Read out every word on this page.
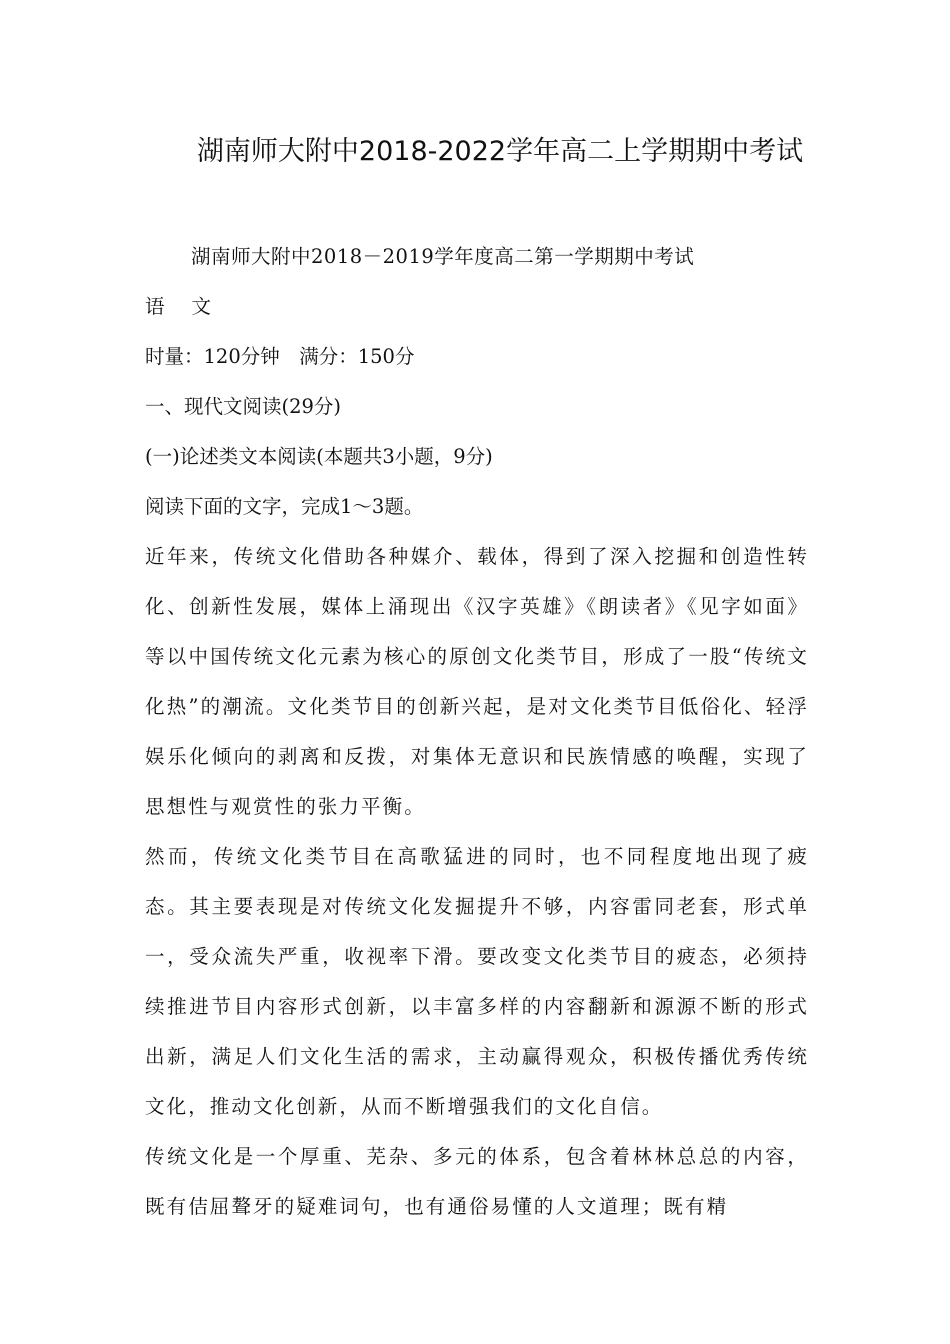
湖南师大附中2018-2022学年高二上学期期中考试

湖南师大附中2018－2019学年度高二第一学期期中考试

语文

时量：120分钟　满分：150分

一、现代文阅读(29分)

(一)论述类文本阅读(本题共3小题，9分)

阅读下面的文字，完成1～3题。

近年来，传统文化借助各种媒介、载体，得到了深入挖掘和创造性转化、创新性发展，媒体上涌现出《汉字英雄》《朗读者》《见字如面》等以中国传统文化元素为核心的原创文化类节目，形成了一股“传统文化热”的潮流。文化类节目的创新兴起，是对文化类节目低俗化、轻浮娱乐化倾向的剥离和反拨，对集体无意识和民族情感的唤醒，实现了思想性与观赏性的张力平衡。

然而，传统文化类节目在高歌猛进的同时，也不同程度地出现了疲态。其主要表现是对传统文化发掘提升不够，内容雷同老套，形式单一，受众流失严重，收视率下滑。要改变文化类节目的疲态，必须持续推进节目内容形式创新，以丰富多样的内容翻新和源源不断的形式出新，满足人们文化生活的需求，主动赢得观众，积极传播优秀传统文化，推动文化创新，从而不断增强我们的文化自信。

传统文化是一个厚重、芜杂、多元的体系，包含着林林总总的内容，既有佶屈聱牙的疑难词句，也有通俗易懂的人文道理；既有精
